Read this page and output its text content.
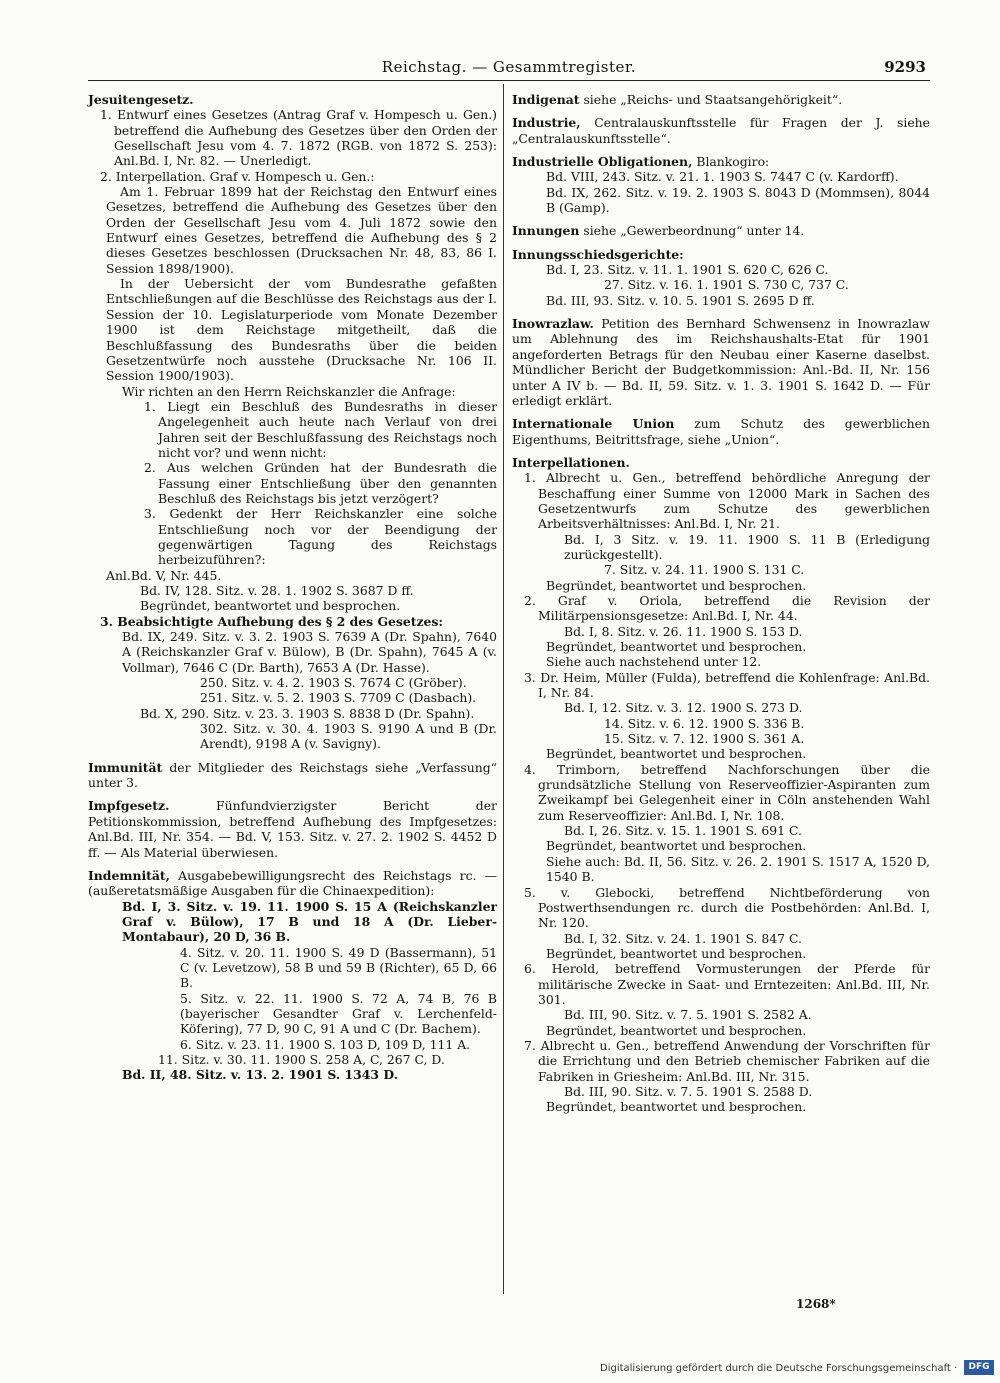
Reichstag. — Gesammtregister.	9293

Jesuitengesetz.

1. Entwurf eines Gesetzes (Antrag Graf v. Hompesch u. Gen.) betreffend die Aufhebung des Gesetzes über den Orden der Gesellschaft Jesu vom 4. 7. 1872 (RGB. von 1872 S. 253): Anl.Bd. I, Nr. 82. — Unerledigt.

2. Interpellation. Graf v. Hompesch u. Gen.:

Am 1. Februar 1899 hat der Reichstag den Entwurf eines Gesetzes, betreffend die Aufhebung des Gesetzes über den Orden der Gesellschaft Jesu vom 4. Juli 1872 sowie den Entwurf eines Gesetzes, betreffend die Aufhebung des § 2 dieses Gesetzes beschlossen (Drucksachen Nr. 48, 83, 86 I. Session 1898/1900).

In der Uebersicht der vom Bundesrathe gefaßten Entschließungen auf die Beschlüsse des Reichstags aus der I. Session der 10. Legislaturperiode vom Monate Dezember 1900 ist dem Reichstage mitgetheilt, daß die Beschlußfassung des Bundesraths über die beiden Gesetzentwürfe noch ausstehe (Drucksache Nr. 106 II. Session 1900/1903).

Wir richten an den Herrn Reichskanzler die Anfrage:

1. Liegt ein Beschluß des Bundesraths in dieser Angelegenheit auch heute nach Verlauf von drei Jahren seit der Beschlußfassung des Reichstags noch nicht vor? und wenn nicht:

2. Aus welchen Gründen hat der Bundesrath die Fassung einer Entschließung über den genannten Beschluß des Reichstags bis jetzt verzögert?

3. Gedenkt der Herr Reichskanzler eine solche Entschließung noch vor der Beendigung der gegenwärtigen Tagung des Reichstags herbeizuführen?:

Anl.Bd. V, Nr. 445.

Bd. IV, 128. Sitz. v. 28. 1. 1902 S. 3687 D ff.

Begründet, beantwortet und besprochen.

3. Beabsichtigte Aufhebung des § 2 des Gesetzes:

Bd. IX, 249. Sitz. v. 3. 2. 1903 S. 7639 A (Dr. Spahn), 7640 A (Reichskanzler Graf v. Bülow), B (Dr. Spahn), 7645 A (v. Vollmar), 7646 C (Dr. Barth), 7653 A (Dr. Hasse).

250. Sitz. v. 4. 2. 1903 S. 7674 C (Gröber).

251. Sitz. v. 5. 2. 1903 S. 7709 C (Dasbach).

Bd. X, 290. Sitz. v. 23. 3. 1903 S. 8838 D (Dr. Spahn).

302. Sitz. v. 30. 4. 1903 S. 9190 A und B (Dr. Arendt), 9198 A (v. Savigny).

Immunität der Mitglieder des Reichstags siehe „Verfassung“ unter 3.

Impfgesetz.	Fünfundvierzigster Bericht der Petitionskommission, betreffend Aufhebung des Impfgesetzes: Anl.Bd. III, Nr. 354. — Bd. V, 153. Sitz. v. 27. 2. 1902 S. 4452 D ff. — Als Material überwiesen.

Indemnität, Ausgabebewilligungsrecht des Reichstags rc. — (außeretatsmäßige Ausgaben für die Chinaexpedition):

Bd. I, 3. Sitz. v. 19. 11. 1900 S. 15 A (Reichskanzler Graf v. Bülow), 17 B und 18 A (Dr. Lieber-Montabaur), 20 D, 36 B.

4. Sitz. v. 20. 11. 1900 S. 49 D (Bassermann), 51 C (v. Levetzow), 58 B und 59 B (Richter), 65 D, 66 B.

5. Sitz. v. 22. 11. 1900 S. 72 A, 74 B, 76 B (bayerischer Gesandter Graf v. Lerchenfeld-Köfering), 77 D, 90 C, 91 A und C (Dr. Bachem).

6. Sitz. v. 23. 11. 1900 S. 103 D, 109 D, 111 A.

11. Sitz. v. 30. 11. 1900 S. 258 A, C, 267 C, D.

Bd. II, 48. Sitz. v. 13. 2. 1901 S. 1343 D.

Indigenat siehe „Reichs- und Staatsangehörigkeit“.

Industrie, Centralauskunftsstelle für Fragen der J. siehe „Centralauskunftsstelle“.

Industrielle Obligationen, Blankogiro:

Bd. VIII, 243. Sitz. v. 21. 1. 1903 S. 7447 C (v. Kardorff).

Bd. IX, 262. Sitz. v. 19. 2. 1903 S. 8043 D (Mommsen), 8044 B (Gamp).

Innungen siehe „Gewerbeordnung“ unter 14.

Innungsschiedsgerichte:

Bd. I, 23. Sitz. v. 11. 1. 1901 S. 620 C, 626 C.

27. Sitz. v. 16. 1. 1901 S. 730 C, 737 C.

Bd. III, 93. Sitz. v. 10. 5. 1901 S. 2695 D ff.

Inowrazlaw. Petition des Bernhard Schwensenz in Inowrazlaw um Ablehnung des im Reichshaushalts-Etat für 1901 angeforderten Betrags für den Neubau einer Kaserne daselbst. Mündlicher Bericht der Budgetkommission: Anl.-Bd. II, Nr. 156 unter A IV b. — Bd. II, 59. Sitz. v. 1. 3. 1901 S. 1642 D. — Für erledigt erklärt.

Internationale Union zum Schutz des gewerblichen Eigenthums, Beitrittsfrage, siehe „Union“.

Interpellationen.

1. Albrecht u. Gen., betreffend behördliche Anregung der Beschaffung einer Summe von 12000 Mark in Sachen des Gesetzentwurfs zum Schutze des gewerblichen Arbeitsverhältnisses: Anl.Bd. I, Nr. 21.

Bd. I, 3 Sitz. v. 19. 11. 1900 S. 11 B (Erledigung zurückgestellt).

7. Sitz. v. 24. 11. 1900 S. 131 C.

Begründet, beantwortet und besprochen.

2. Graf v. Oriola, betreffend die Revision der Militärpensionsgesetze: Anl.Bd. I, Nr. 44.

Bd. I, 8. Sitz. v. 26. 11. 1900 S. 153 D.

Begründet, beantwortet und besprochen.

Siehe auch nachstehend unter 12.

3. Dr. Heim, Müller (Fulda), betreffend die Kohlenfrage: Anl.Bd. I, Nr. 84.

Bd. I, 12. Sitz. v. 3. 12. 1900 S. 273 D.

14. Sitz. v. 6. 12. 1900 S. 336 B.

15. Sitz. v. 7. 12. 1900 S. 361 A.

Begründet, beantwortet und besprochen.

4. Trimborn, betreffend Nachforschungen über die grundsätzliche Stellung von Reserveoffizier-Aspiranten zum Zweikampf bei Gelegenheit einer in Cöln anstehenden Wahl zum Reserveoffizier: Anl.Bd. I, Nr. 108.

Bd. I, 26. Sitz. v. 15. 1. 1901 S. 691 C.

Begründet, beantwortet und besprochen.

Siehe auch: Bd. II, 56. Sitz. v. 26. 2. 1901 S. 1517 A, 1520 D, 1540 B.

5. v. Glebocki, betreffend Nichtbeförderung von Postwerthsendungen rc. durch die Postbehörden: Anl.Bd. I, Nr. 120.

Bd. I, 32. Sitz. v. 24. 1. 1901 S. 847 C.

Begründet, beantwortet und besprochen.

6. Herold, betreffend Vormusterungen der Pferde für militärische Zwecke in Saat- und Erntezeiten: Anl.Bd. III, Nr. 301.

Bd. III, 90. Sitz. v. 7. 5. 1901 S. 2582 A.

Begründet, beantwortet und besprochen.

7. Albrecht u. Gen., betreffend Anwendung der Vorschriften für die Errichtung und den Betrieb chemischer Fabriken auf die Fabriken in Griesheim: Anl.Bd. III, Nr. 315.

Bd. III, 90. Sitz. v. 7. 5. 1901 S. 2588 D.

Begründet, beantwortet und besprochen.

1268*
Digitalisierung gefördert durch die Deutsche Forschungsgemeinschaft ·	DFG
